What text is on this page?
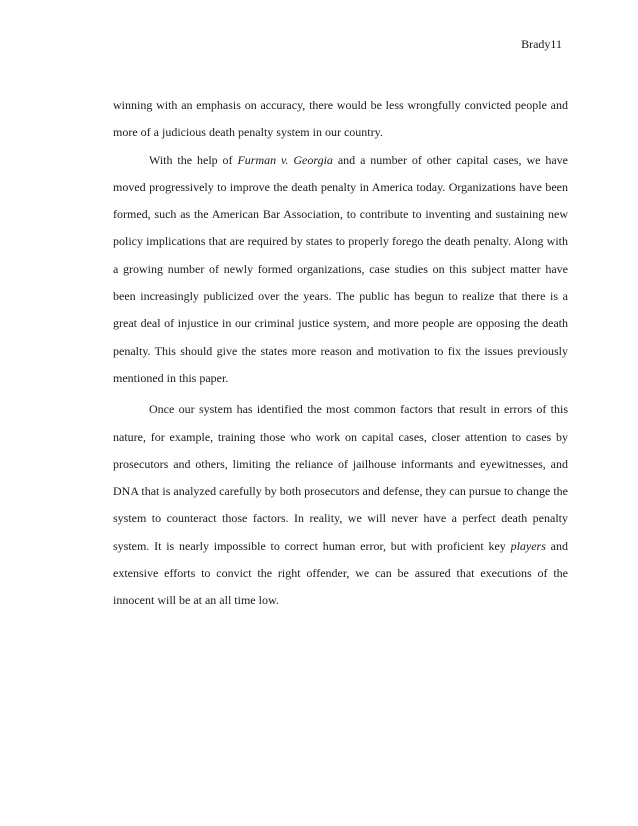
Brady11

winning with an emphasis on accuracy, there would be less wrongfully convicted people and more of a judicious death penalty system in our country.

With the help of Furman v. Georgia and a number of other capital cases, we have moved progressively to improve the death penalty in America today. Organizations have been formed, such as the American Bar Association, to contribute to inventing and sustaining new policy implications that are required by states to properly forego the death penalty. Along with a growing number of newly formed organizations, case studies on this subject matter have been increasingly publicized over the years. The public has begun to realize that there is a great deal of injustice in our criminal justice system, and more people are opposing the death penalty. This should give the states more reason and motivation to fix the issues previously mentioned in this paper.

Once our system has identified the most common factors that result in errors of this nature, for example, training those who work on capital cases, closer attention to cases by prosecutors and others, limiting the reliance of jailhouse informants and eyewitnesses, and DNA that is analyzed carefully by both prosecutors and defense, they can pursue to change the system to counteract those factors. In reality, we will never have a perfect death penalty system. It is nearly impossible to correct human error, but with proficient key players and extensive efforts to convict the right offender, we can be assured that executions of the innocent will be at an all time low.
